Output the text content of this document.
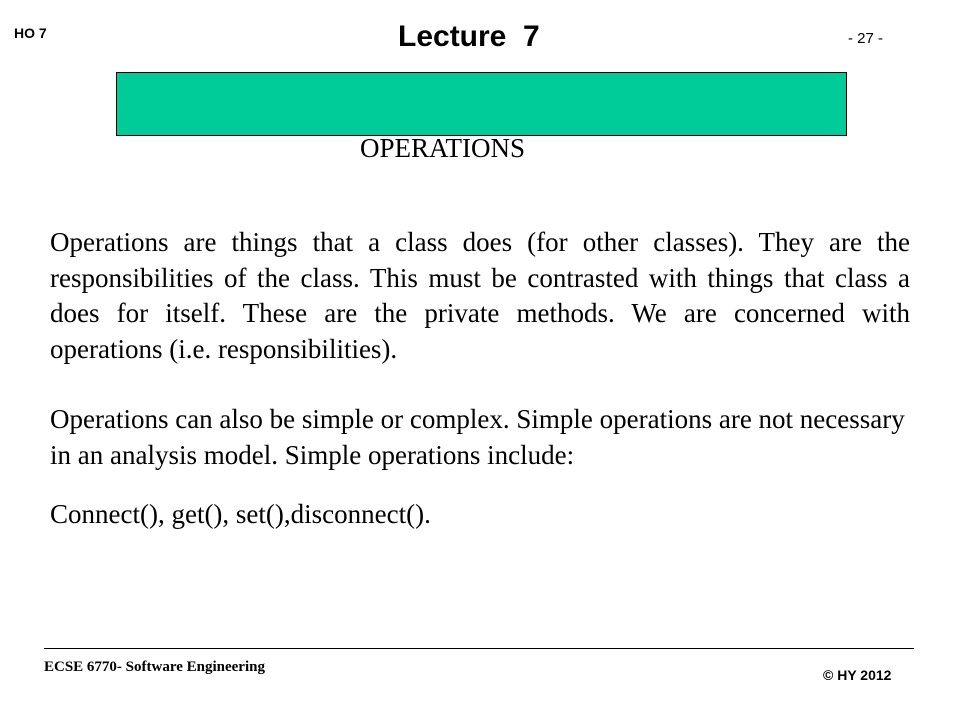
HO 7	Lecture  7	- 27 -
OPERATIONS
Operations are things that a class does (for other classes). They are the responsibilities of the class. This must be contrasted with things that class a does for itself. These are the private methods. We are concerned with operations (i.e. responsibilities).
Operations can also be simple or complex. Simple operations are not necessary in an analysis model. Simple operations include:
Connect(), get(), set(),disconnect().
ECSE 6770- Software Engineering	© HY 2012
